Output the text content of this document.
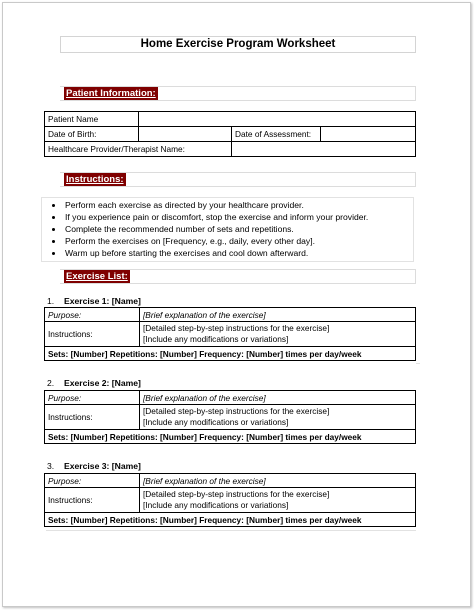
Home Exercise Program Worksheet
Patient Information:
Patient Name			
Date of Birth:		Date of Assessment:	
Healthcare Provider/Therapist Name:			
Instructions:
• Perform each exercise as directed by your healthcare provider.
• If you experience pain or discomfort, stop the exercise and inform your provider.
• Complete the recommended number of sets and repetitions.
• Perform the exercises on [Frequency, e.g., daily, every other day].
• Warm up before starting the exercises and cool down afterward.
Exercise List:
1. Exercise 1: [Name]
Purpose:	[Brief explanation of the exercise]
Instructions:	[Detailed step-by-step instructions for the exercise]
[Include any modifications or variations]

Sets: [Number] Repetitions: [Number] Frequency: [Number] times per day/week	
2. Exercise 2: [Name]
Purpose:	[Brief explanation of the exercise]
Instructions:	[Detailed step-by-step instructions for the exercise]
[Include any modifications or variations]

Sets: [Number] Repetitions: [Number] Frequency: [Number] times per day/week	
3. Exercise 3: [Name]
Purpose:	[Brief explanation of the exercise]
Instructions:	[Detailed step-by-step instructions for the exercise]
[Include any modifications or variations]

Sets: [Number] Repetitions: [Number] Frequency: [Number] times per day/week	
